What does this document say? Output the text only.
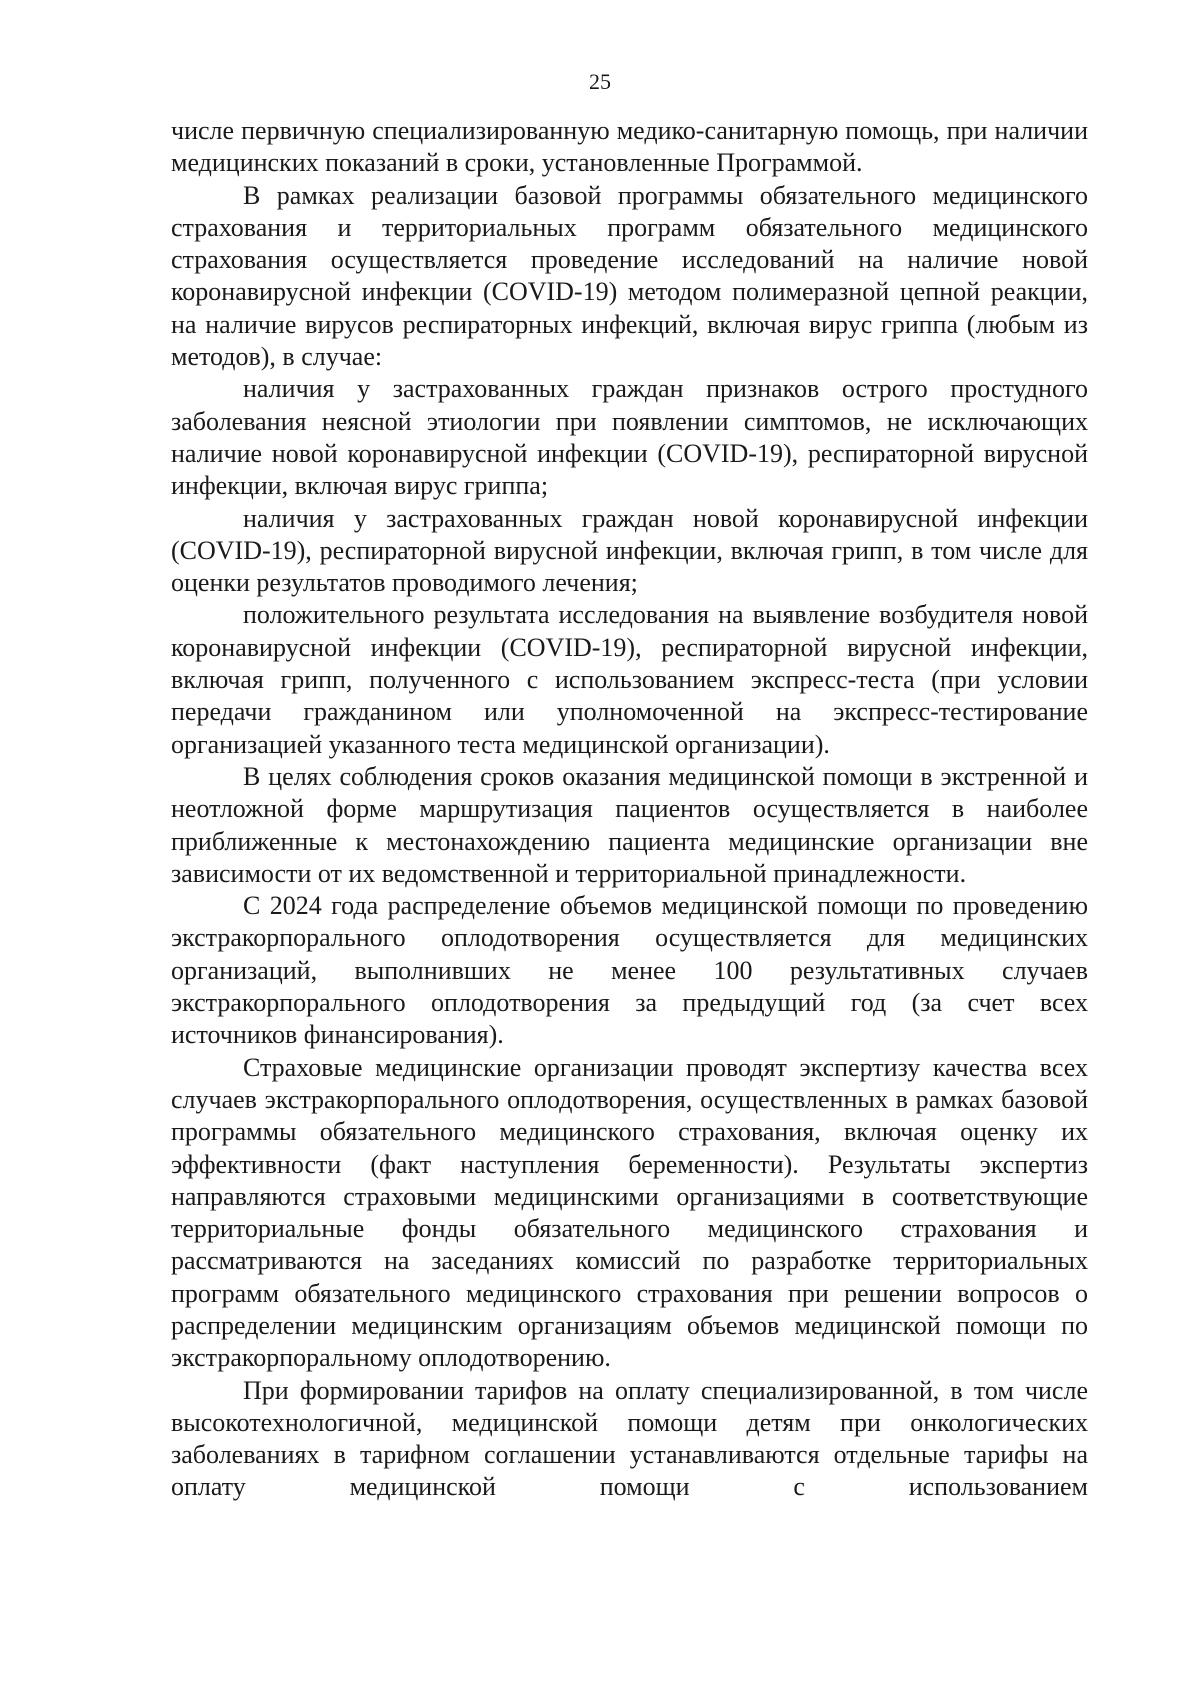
25

числе первичную специализированную медико-санитарную помощь, при наличии медицинских показаний в сроки, установленные Программой.

В рамках реализации базовой программы обязательного медицинского страхования и территориальных программ обязательного медицинского страхования осуществляется проведение исследований на наличие новой коронавирусной инфекции (COVID-19) методом полимеразной цепной реакции, на наличие вирусов респираторных инфекций, включая вирус гриппа (любым из методов), в случае:

наличия у застрахованных граждан признаков острого простудного заболевания неясной этиологии при появлении симптомов, не исключающих наличие новой коронавирусной инфекции (COVID-19), респираторной вирусной инфекции, включая вирус гриппа;

наличия у застрахованных граждан новой коронавирусной инфекции (COVID-19), респираторной вирусной инфекции, включая грипп, в том числе для оценки результатов проводимого лечения;

положительного результата исследования на выявление возбудителя новой коронавирусной инфекции (COVID-19), респираторной вирусной инфекции, включая грипп, полученного с использованием экспресс-теста (при условии передачи гражданином или уполномоченной на экспресс-тестирование организацией указанного теста медицинской организации).

В целях соблюдения сроков оказания медицинской помощи в экстренной и неотложной форме маршрутизация пациентов осуществляется в наиболее приближенные к местонахождению пациента медицинские организации вне зависимости от их ведомственной и территориальной принадлежности.

С 2024 года распределение объемов медицинской помощи по проведению экстракорпорального оплодотворения осуществляется для медицинских организаций, выполнивших не менее 100 результативных случаев экстракорпорального оплодотворения за предыдущий год (за счет всех источников финансирования).

Страховые медицинские организации проводят экспертизу качества всех случаев экстракорпорального оплодотворения, осуществленных в рамках базовой программы обязательного медицинского страхования, включая оценку их эффективности (факт наступления беременности). Результаты экспертиз направляются страховыми медицинскими организациями в соответствующие территориальные фонды обязательного медицинского страхования и рассматриваются на заседаниях комиссий по разработке территориальных программ обязательного медицинского страхования при решении вопросов о распределении медицинским организациям объемов медицинской помощи по экстракорпоральному оплодотворению.

При формировании тарифов на оплату специализированной, в том числе высокотехнологичной, медицинской помощи детям при онкологических заболеваниях в тарифном соглашении устанавливаются отдельные тарифы на оплату медицинской помощи с использованием
